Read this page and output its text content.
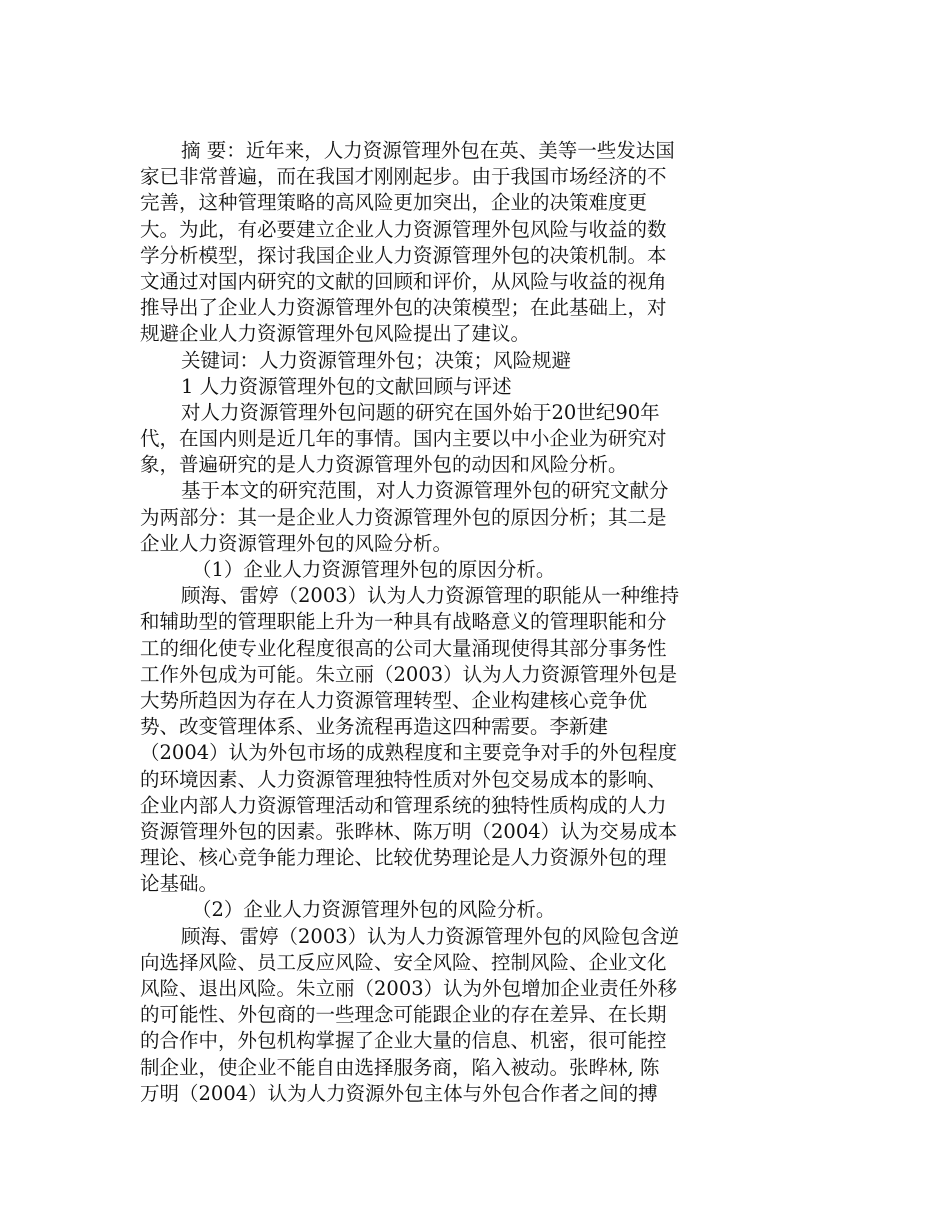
摘 要：近年来，人力资源管理外包在英、美等一些发达国
家已非常普遍，而在我国才刚刚起步。由于我国市场经济的不
完善，这种管理策略的高风险更加突出，企业的决策难度更
大。为此，有必要建立企业人力资源管理外包风险与收益的数
学分析模型，探讨我国企业人力资源管理外包的决策机制。本
文通过对国内研究的文献的回顾和评价，从风险与收益的视角
推导出了企业人力资源管理外包的决策模型；在此基础上，对
规避企业人力资源管理外包风险提出了建议。
关键词：人力资源管理外包；决策；风险规避
1 人力资源管理外包的文献回顾与评述
对人力资源管理外包问题的研究在国外始于20世纪90年
代，在国内则是近几年的事情。国内主要以中小企业为研究对
象，普遍研究的是人力资源管理外包的动因和风险分析。
基于本文的研究范围，对人力资源管理外包的研究文献分
为两部分：其一是企业人力资源管理外包的原因分析；其二是
企业人力资源管理外包的风险分析。
（1）企业人力资源管理外包的原因分析。
顾海、雷婷（2003）认为人力资源管理的职能从一种维持
和辅助型的管理职能上升为一种具有战略意义的管理职能和分
工的细化使专业化程度很高的公司大量涌现使得其部分事务性
工作外包成为可能。朱立丽（2003）认为人力资源管理外包是
大势所趋因为存在人力资源管理转型、企业构建核心竞争优
势、改变管理体系、业务流程再造这四种需要。李新建
（2004）认为外包市场的成熟程度和主要竞争对手的外包程度
的环境因素、人力资源管理独特性质对外包交易成本的影响、
企业内部人力资源管理活动和管理系统的独特性质构成的人力
资源管理外包的因素。张晔林、陈万明（2004）认为交易成本
理论、核心竞争能力理论、比较优势理论是人力资源外包的理
论基础。
（2）企业人力资源管理外包的风险分析。
顾海、雷婷（2003）认为人力资源管理外包的风险包含逆
向选择风险、员工反应风险、安全风险、控制风险、企业文化
风险、退出风险。朱立丽（2003）认为外包增加企业责任外移
的可能性、外包商的一些理念可能跟企业的存在差异、在长期
的合作中，外包机构掌握了企业大量的信息、机密，很可能控
制企业，使企业不能自由选择服务商，陷入被动。张晔林, 陈
万明（2004）认为人力资源外包主体与外包合作者之间的搏
